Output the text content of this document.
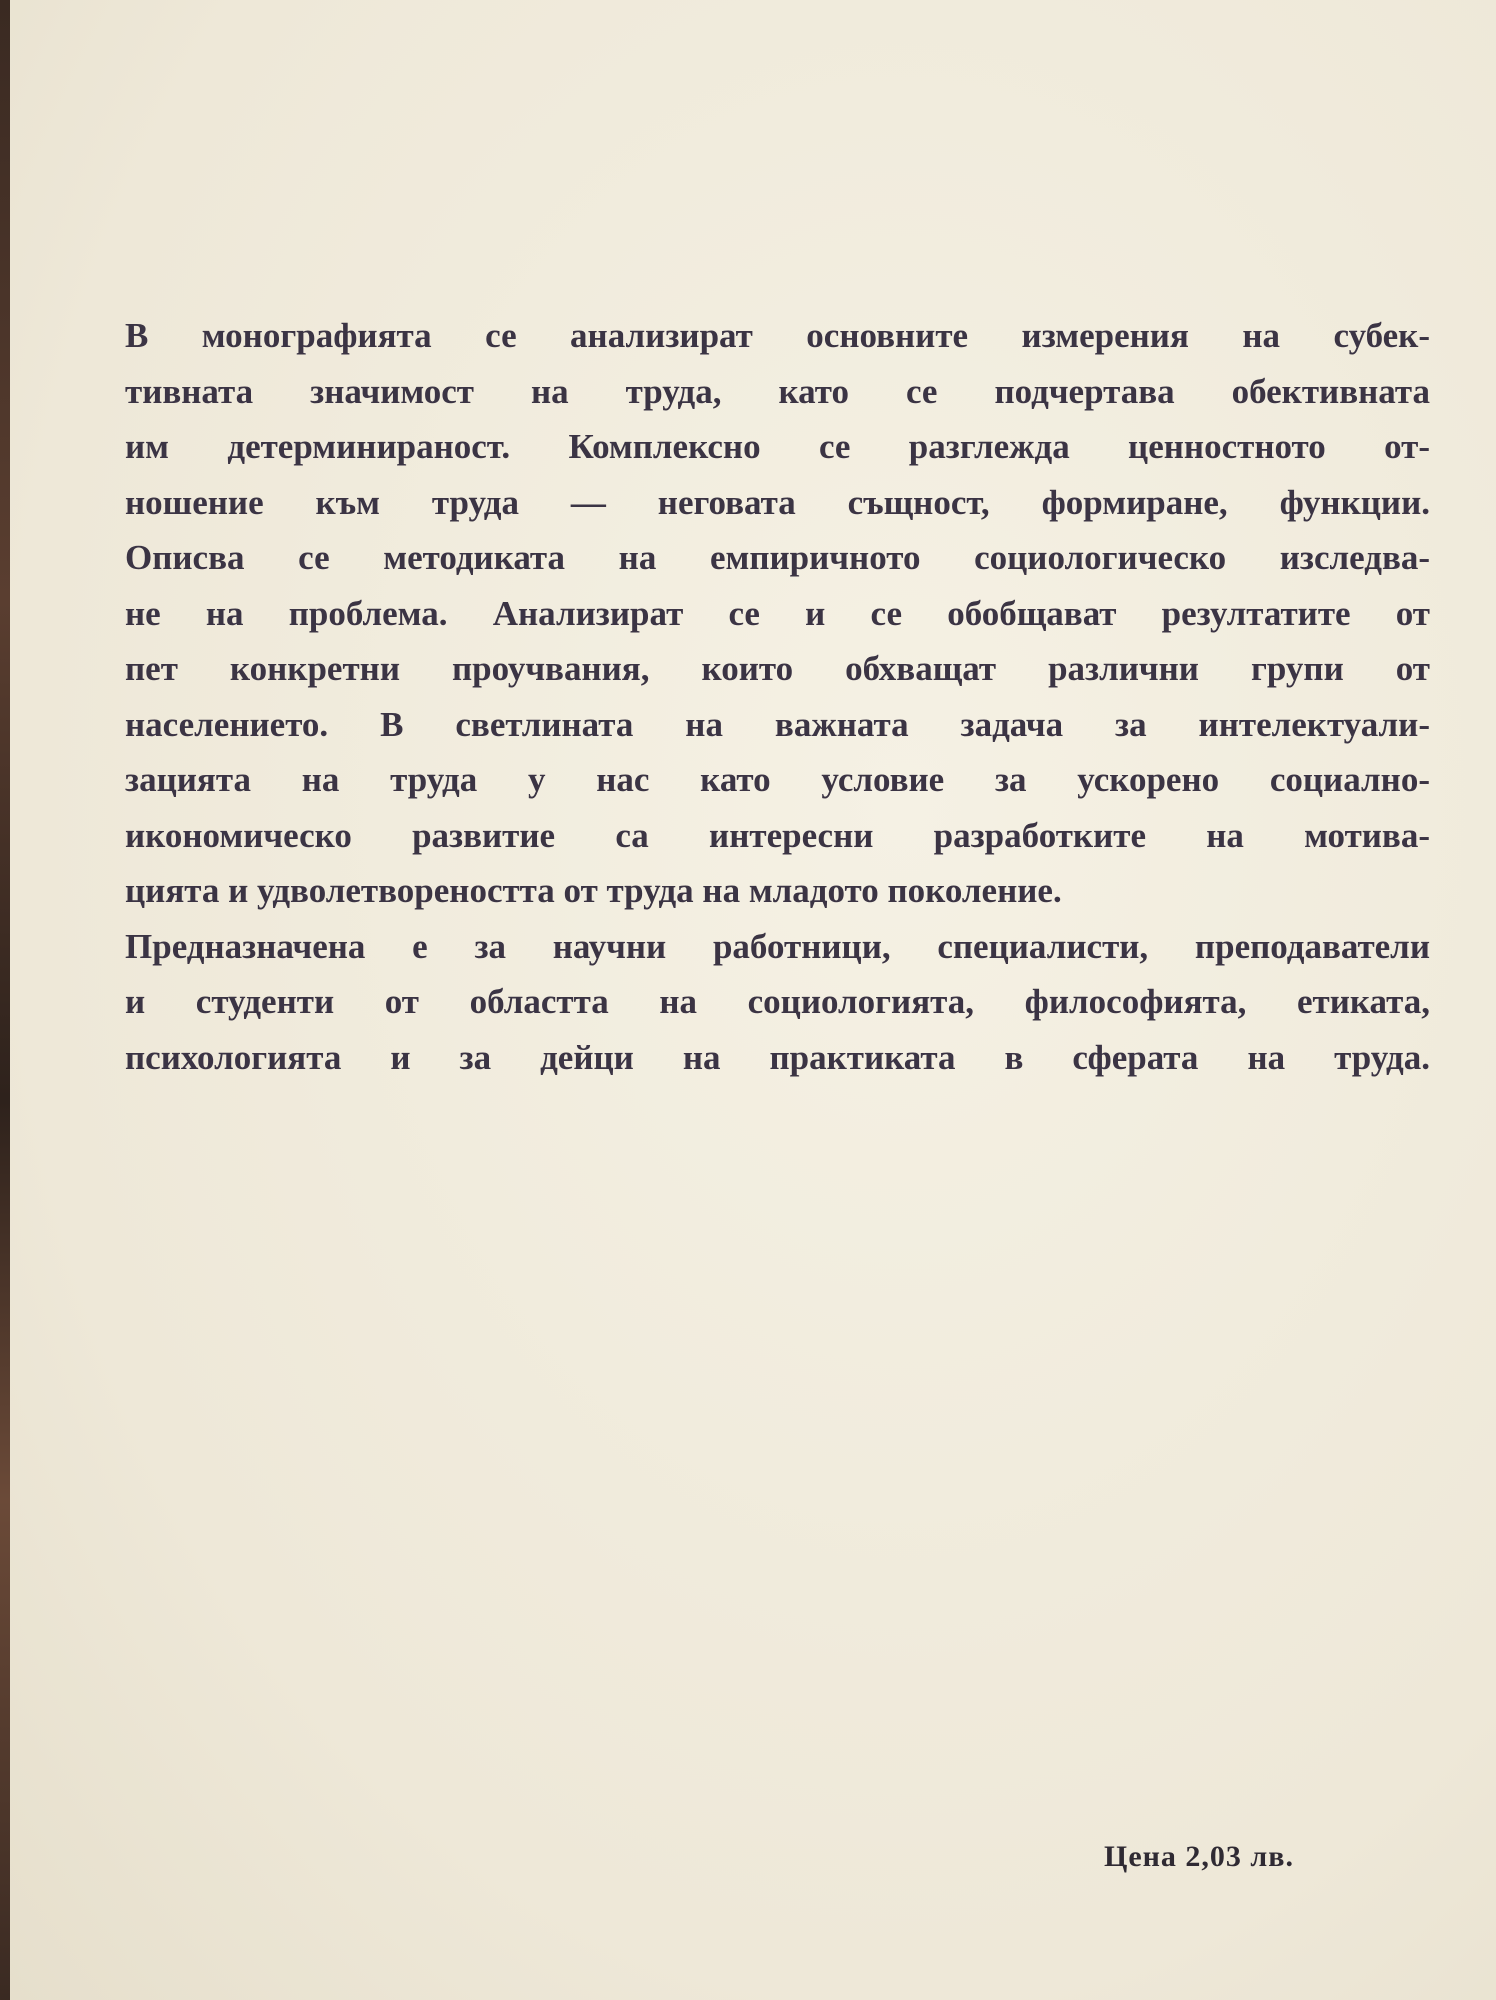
В монографията се анализират основните измерения на субек-
тивната значимост на труда, като се подчертава обективната
им детерминираност. Комплексно се разглежда ценностното от-
ношение към труда — неговата същност, формиране, функции.
Описва се методиката на емпиричното социологическо изследва-
не на проблема. Анализират се и се обобщават резултатите от
пет конкретни проучвания, които обхващат различни групи от
населението. В светлината на важната задача за интелектуали-
зацията на труда у нас като условие за ускорено социално-
икономическо развитие са интересни разработките на мотива-
цията и удволетвореността от труда на младото поколение.
Предназначена е за научни работници, специалисти, преподаватели
и студенти от областта на социологията, философията, етиката,
психологията и за дейци на практиката в сферата на труда.
Цена 2,03 лв.
